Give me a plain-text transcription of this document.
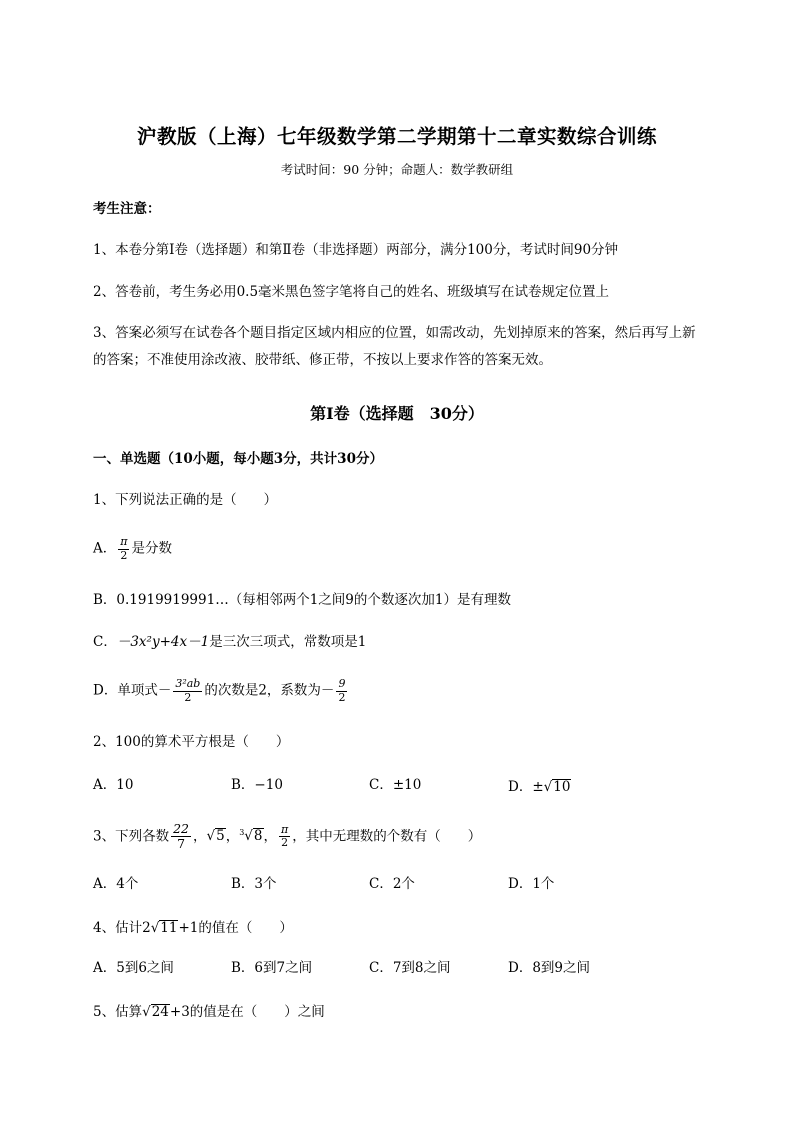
沪教版（上海）七年级数学第二学期第十二章实数综合训练
考试时间：90 分钟；命题人：数学教研组
考生注意：
1、本卷分第I卷（选择题）和第Ⅱ卷（非选择题）两部分，满分100分，考试时间90分钟
2、答卷前，考生务必用0.5毫米黑色签字笔将自己的姓名、班级填写在试卷规定位置上
3、答案必须写在试卷各个题目指定区域内相应的位置，如需改动，先划掉原来的答案，然后再写上新
的答案；不准使用涂改液、胶带纸、修正带，不按以上要求作答的答案无效。
第I卷（选择题　30分）
一、单选题（10小题，每小题3分，共计30分）
1、下列说法正确的是（　　）
A． $\frac{\pi}{2}$ 是分数
B．0.1919919991…（每相邻两个1之间9的个数逐次加1）是有理数
C．－3x²y+4x－1是三次三项式，常数项是1
D．单项式－ $\frac{\text{3²ab}}{2}$ 的次数是2，系数为－ $\frac{9}{2}$
2、100的算术平方根是（　　）
A．10	B．−10	C．±10	D．±√10
3、下列各数 $\frac{22}{7}$ ，√5，$^3$√8， $\frac{\pi}{2}$ ，其中无理数的个数有（　　）
A．4个	B．3个	C．2个	D．1个
4、估计2√11+1的值在（　　）
A．5到6之间	B．6到7之间	C．7到8之间	D．8到9之间
5、估算√24+3的值是在（　　）之间
